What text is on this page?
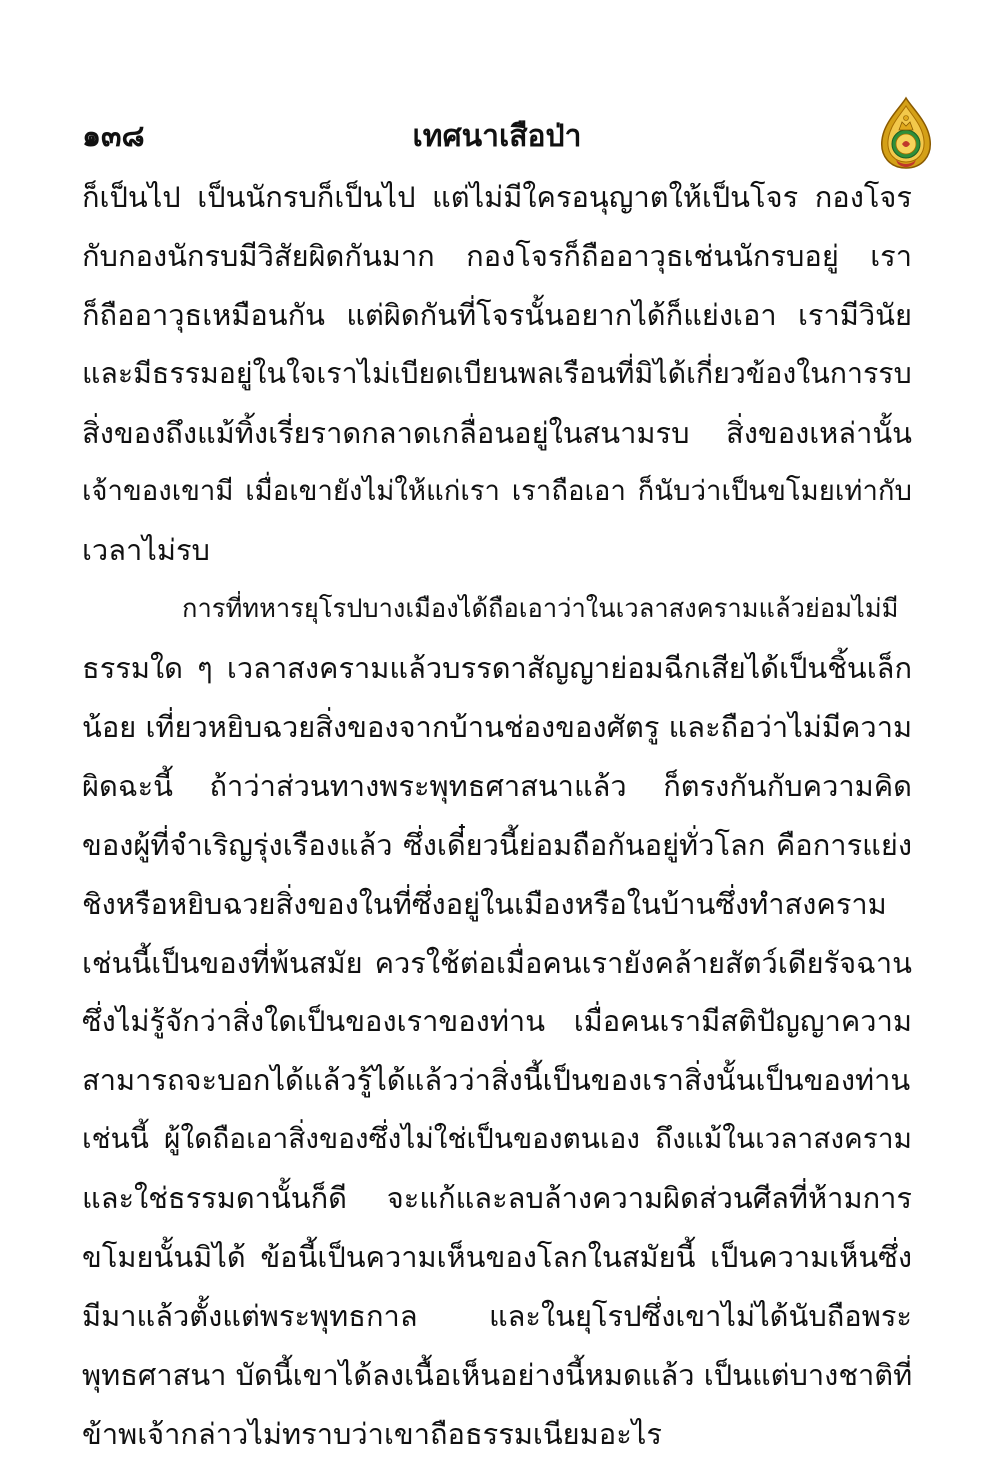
๑๓๘	เทศนาเสือป่า
ก็เป็นไป เป็นนักรบก็เป็นไป แต่ไม่มีใครอนุญาตให้เป็นโจร กองโจร
กับกองนักรบมีวิสัยผิดกันมาก กองโจรก็ถืออาวุธเช่นนักรบอยู่ เรา
ก็ถืออาวุธเหมือนกัน แต่ผิดกันที่โจรนั้นอยากได้ก็แย่งเอา เรามีวินัย
และมีธรรมอยู่ในใจเราไม่เบียดเบียนพลเรือนที่มิได้เกี่ยวข้องในการรบ
สิ่งของถึงแม้ทิ้งเรี่ยราดกลาดเกลื่อนอยู่ในสนามรบ สิ่งของเหล่านั้น
เจ้าของเขามี เมื่อเขายังไม่ให้แก่เรา เราถือเอา ก็นับว่าเป็นขโมยเท่ากับ
เวลาไม่รบ
การที่ทหารยุโรปบางเมืองได้ถือเอาว่าในเวลาสงครามแล้วย่อมไม่มี
ธรรมใด ๆ เวลาสงครามแล้วบรรดาสัญญาย่อมฉีกเสียได้เป็นชิ้นเล็ก
น้อย เที่ยวหยิบฉวยสิ่งของจากบ้านช่องของศัตรู และถือว่าไม่มีความ
ผิดฉะนี้ ถ้าว่าส่วนทางพระพุทธศาสนาแล้ว ก็ตรงกันกับความคิด
ของผู้ที่จำเริญรุ่งเรืองแล้ว ซึ่งเดี๋ยวนี้ย่อมถือกันอยู่ทั่วโลก คือการแย่ง
ชิงหรือหยิบฉวยสิ่งของในที่ซึ่งอยู่ในเมืองหรือในบ้านซึ่งทำสงคราม
เช่นนี้เป็นของที่พ้นสมัย ควรใช้ต่อเมื่อคนเรายังคล้ายสัตว์เดียรัจฉาน
ซึ่งไม่รู้จักว่าสิ่งใดเป็นของเราของท่าน เมื่อคนเรามีสติปัญญาความ
สามารถจะบอกได้แล้วรู้ได้แล้วว่าสิ่งนี้เป็นของเราสิ่งนั้นเป็นของท่าน
เช่นนี้ ผู้ใดถือเอาสิ่งของซึ่งไม่ใช่เป็นของตนเอง ถึงแม้ในเวลาสงคราม
และใช่ธรรมดานั้นก็ดี จะแก้และลบล้างความผิดส่วนศีลที่ห้ามการ
ขโมยนั้นมิได้ ข้อนี้เป็นความเห็นของโลกในสมัยนี้ เป็นความเห็นซึ่ง
มีมาแล้วตั้งแต่พระพุทธกาล และในยุโรปซึ่งเขาไม่ได้นับถือพระ
พุทธศาสนา บัดนี้เขาได้ลงเนื้อเห็นอย่างนี้หมดแล้ว เป็นแต่บางชาติที่
ข้าพเจ้ากล่าวไม่ทราบว่าเขาถือธรรมเนียมอะไร
